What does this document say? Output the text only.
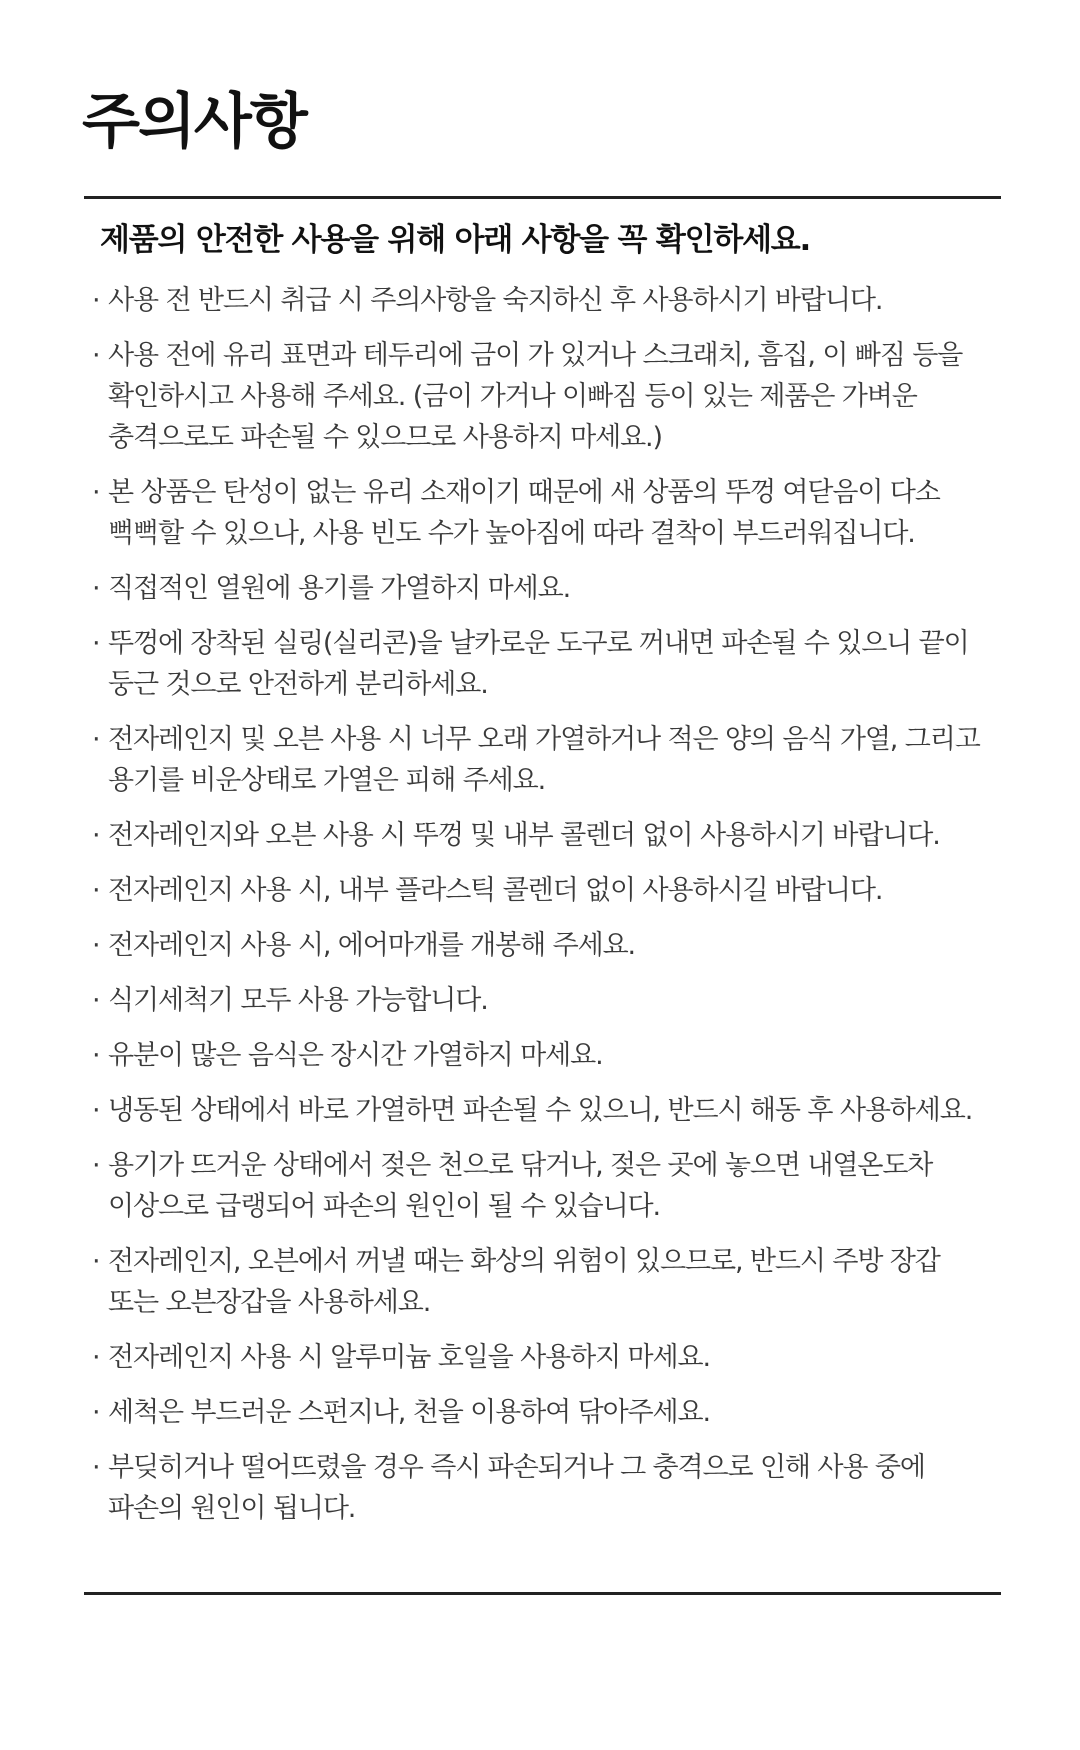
주의사항

제품의 안전한 사용을 위해 아래 사항을 꼭 확인하세요.

· 사용 전 반드시 취급 시 주의사항을 숙지하신 후 사용하시기 바랍니다.
· 사용 전에 유리 표면과 테두리에 금이 가 있거나 스크래치, 흠집, 이 빠짐 등을 확인하시고 사용해 주세요. (금이 가거나 이빠짐 등이 있는 제품은 가벼운 충격으로도 파손될 수 있으므로 사용하지 마세요.)
· 본 상품은 탄성이 없는 유리 소재이기 때문에 새 상품의 뚜껑 여닫음이 다소 뻑뻑할 수 있으나, 사용 빈도 수가 높아짐에 따라 결착이 부드러워집니다.
· 직접적인 열원에 용기를 가열하지 마세요.
· 뚜껑에 장착된 실링(실리콘)을 날카로운 도구로 꺼내면 파손될 수 있으니 끝이 둥근 것으로 안전하게 분리하세요.
· 전자레인지 및 오븐 사용 시 너무 오래 가열하거나 적은 양의 음식 가열, 그리고 용기를 비운상태로 가열은 피해 주세요.
· 전자레인지와 오븐 사용 시 뚜껑 및 내부 콜렌더 없이 사용하시기 바랍니다.
· 전자레인지 사용 시, 내부 플라스틱 콜렌더 없이 사용하시길 바랍니다.
· 전자레인지 사용 시, 에어마개를 개봉해 주세요.
· 식기세척기 모두 사용 가능합니다.
· 유분이 많은 음식은 장시간 가열하지 마세요.
· 냉동된 상태에서 바로 가열하면 파손될 수 있으니, 반드시 해동 후 사용하세요.
· 용기가 뜨거운 상태에서 젖은 천으로 닦거나, 젖은 곳에 놓으면 내열온도차 이상으로 급랭되어 파손의 원인이 될 수 있습니다.
· 전자레인지, 오븐에서 꺼낼 때는 화상의 위험이 있으므로, 반드시 주방 장갑 또는 오븐장갑을 사용하세요.
· 전자레인지 사용 시 알루미늄 호일을 사용하지 마세요.
· 세척은 부드러운 스펀지나, 천을 이용하여 닦아주세요.
· 부딪히거나 떨어뜨렸을 경우 즉시 파손되거나 그 충격으로 인해 사용 중에 파손의 원인이 됩니다.
